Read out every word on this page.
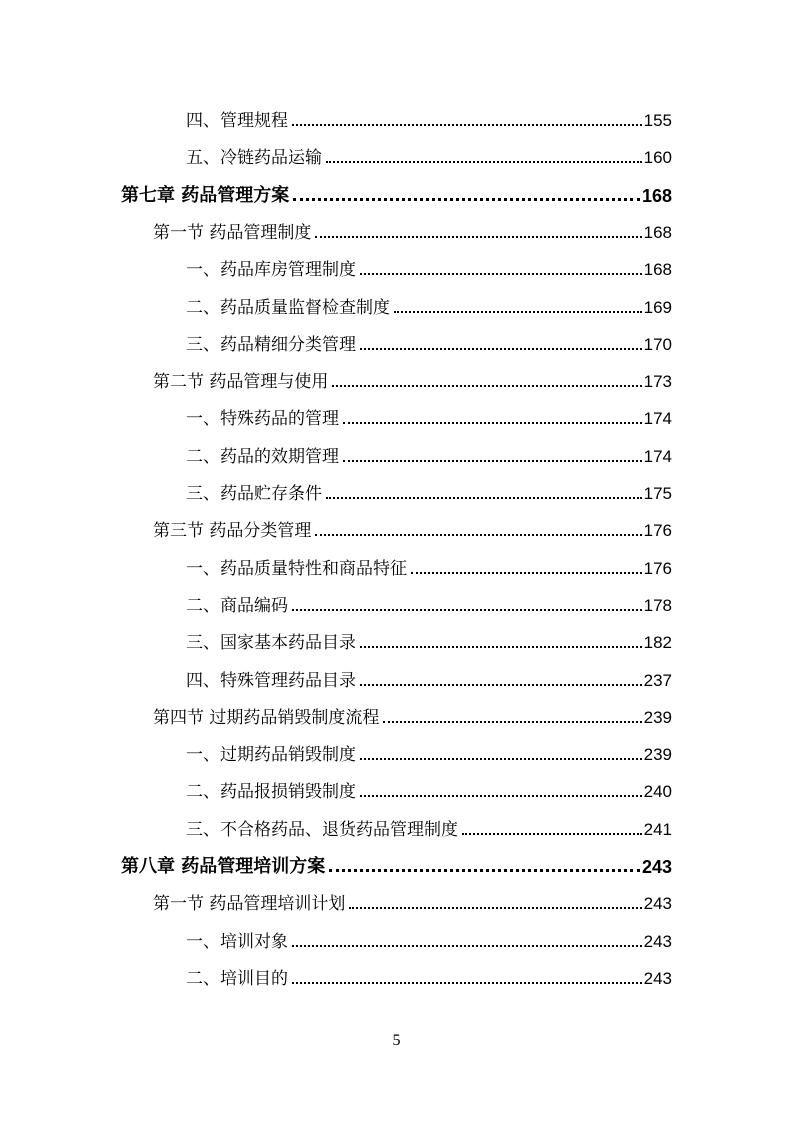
四、管理规程	155
五、冷链药品运输	160
第七章 药品管理方案	168
第一节 药品管理制度	168
一、药品库房管理制度	168
二、药品质量监督检查制度	169
三、药品精细分类管理	170
第二节 药品管理与使用	173
一、特殊药品的管理	174
二、药品的效期管理	174
三、药品贮存条件	175
第三节 药品分类管理	176
一、药品质量特性和商品特征	176
二、商品编码	178
三、国家基本药品目录	182
四、特殊管理药品目录	237
第四节 过期药品销毁制度流程	239
一、过期药品销毁制度	239
二、药品报损销毁制度	240
三、不合格药品、退货药品管理制度	241
第八章 药品管理培训方案	243
第一节 药品管理培训计划	243
一、培训对象	243
二、培训目的	243
5
